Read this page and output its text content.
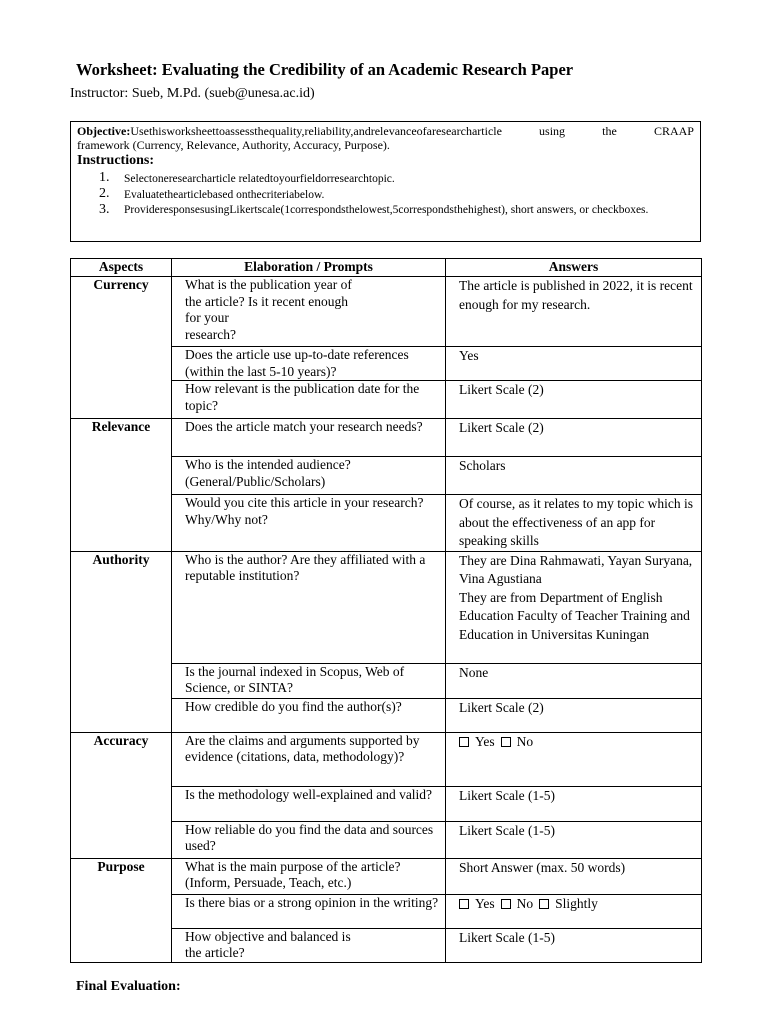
Worksheet: Evaluating the Credibility of an Academic Research Paper
Instructor: Sueb, M.Pd. (sueb@unesa.ac.id)
Objective:Usethisworksheettoassessthequality,reliability,andrelevanceofaresearcharticle	using	the	CRAAP
framework (Currency, Relevance, Authority, Accuracy, Purpose).
Instructions:
1. Selectoneresearcharticle relatedtoyourfieldorresearchtopic.
2. Evaluatethearticlebased onthecriteriabelow.
3. ProvideresponsesusingLikertscale(1correspondsthelowest,5correspondsthehighest), short answers, or checkboxes.
Aspects	Elaboration / Prompts	Answers
Currency	What is the publication year of
the article? Is it recent enough
for your
research?	The article is published in 2022, it is recent enough for my research.

	Does the article use up-to-date references (within the last 5-10 years)?	Yes

	How relevant is the publication date for the topic?	Likert Scale (2)

Relevance	Does the article match your research needs?	Likert Scale (2)

	Who is the intended audience? (General/Public/Scholars)	Scholars

	Would you cite this article in your research? Why/Why not?	Of course, as it relates to my topic which is about the effectiveness of an app for speaking skills

Authority	Who is the author? Are they affiliated with a reputable institution?	They are Dina Rahmawati, Yayan Suryana, Vina Agustiana
They are from Department of English Education Faculty of Teacher Training and Education in Universitas Kuningan

	Is the journal indexed in Scopus, Web of Science, or SINTA?	None

	How credible do you find the author(s)?	Likert Scale (2)

Accuracy	Are the claims and arguments supported by evidence (citations, data, methodology)?	Yes No

	Is the methodology well-explained and valid?	Likert Scale (1-5)

	How reliable do you find the data and sources used?	Likert Scale (1-5)

Purpose	What is the main purpose of the article? (Inform, Persuade, Teach, etc.)	Short Answer (max. 50 words)

	Is there bias or a strong opinion in the writing?	Yes No Slightly

	How objective and balanced is
the article?	Likert Scale (1-5)
Final Evaluation:
